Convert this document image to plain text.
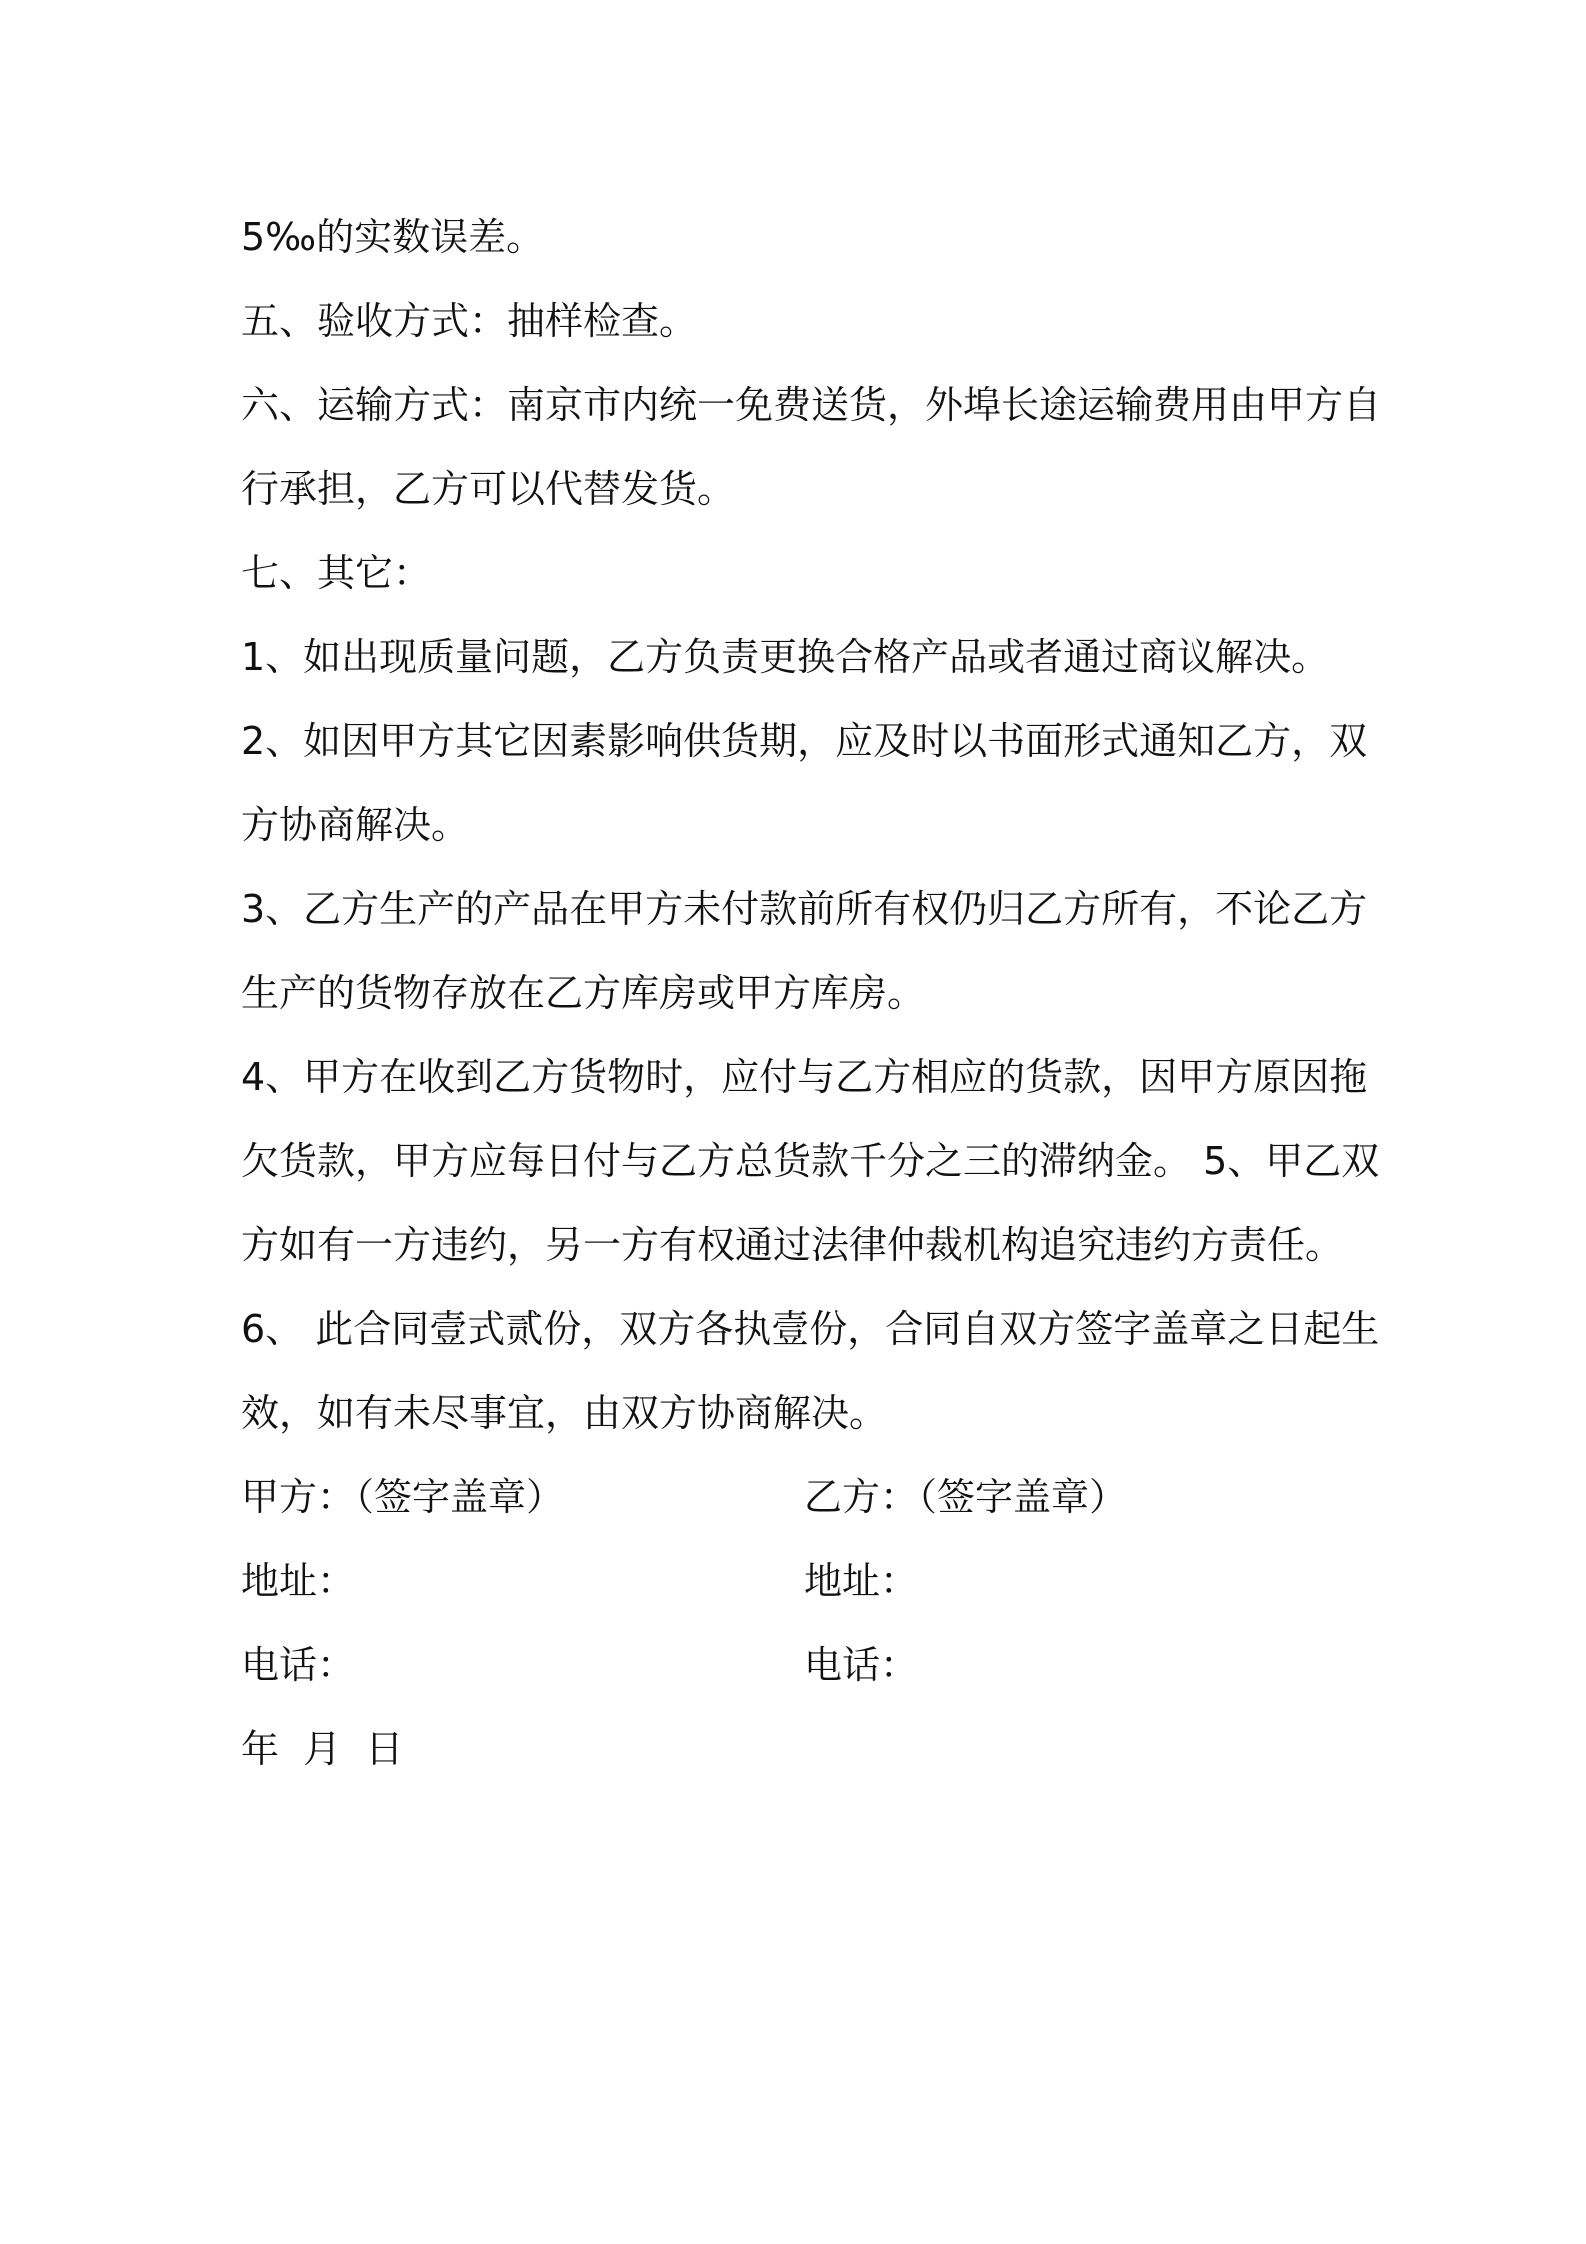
5‰的实数误差。
五、验收方式：抽样检查。
六、运输方式：南京市内统一免费送货，外埠长途运输费用由甲方自
行承担，乙方可以代替发货。
七、其它：
1、如出现质量问题，乙方负责更换合格产品或者通过商议解决。
2、如因甲方其它因素影响供货期，应及时以书面形式通知乙方，双
方协商解决。
3、乙方生产的产品在甲方未付款前所有权仍归乙方所有，不论乙方
生产的货物存放在乙方库房或甲方库房。
4、甲方在收到乙方货物时，应付与乙方相应的货款，因甲方原因拖
欠货款，甲方应每日付与乙方总货款千分之三的滞纳金。 5、甲乙双
方如有一方违约，另一方有权通过法律仲裁机构追究违约方责任。
6、 此合同壹式贰份，双方各执壹份，合同自双方签字盖章之日起生
效，如有未尽事宜，由双方协商解决。
甲方：（签字盖章）	乙方：（签字盖章）
地址：	地址：
电话：	电话：
年  月  日
